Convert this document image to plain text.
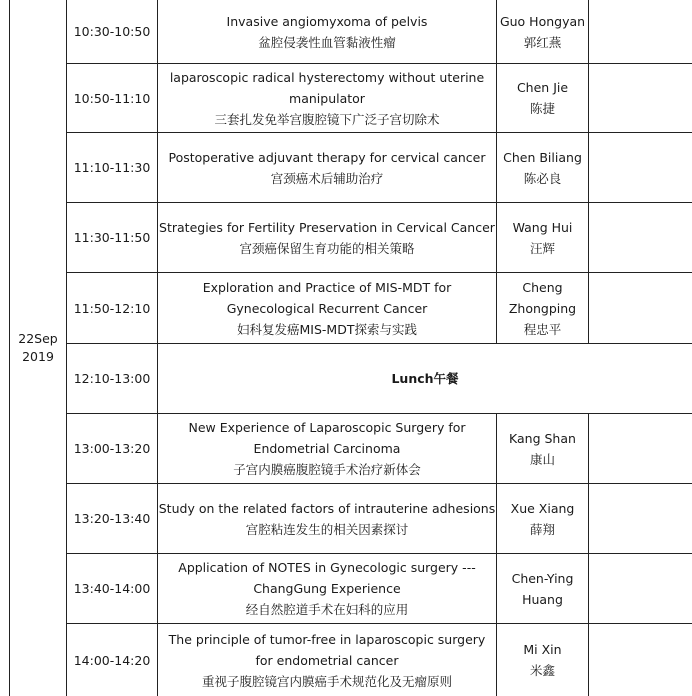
22Sep
2019
10:30-10:50
Invasive angiomyxoma of pelvis
盆腔侵袭性血管黏液性瘤
Guo Hongyan
郭红燕
10:50-11:10
laparoscopic radical hysterectomy without uterine
manipulator
三套扎发免举宫腹腔镜下广泛子宫切除术
Chen Jie
陈捷
11:10-11:30
Postoperative adjuvant therapy for cervical cancer
宫颈癌术后辅助治疗
Chen Biliang
陈必良
11:30-11:50
Strategies for Fertility Preservation in Cervical Cancer
宫颈癌保留生育功能的相关策略
Wang Hui
汪辉
11:50-12:10
Exploration and Practice of MIS-MDT for
Gynecological Recurrent Cancer
妇科复发癌MIS-MDT探索与实践
Cheng
Zhongping
程忠平
12:10-13:00	Lunch午餐
13:00-13:20
New Experience of Laparoscopic Surgery for
Endometrial Carcinoma
子宫内膜癌腹腔镜手术治疗新体会
Kang Shan
康山
13:20-13:40
Study on the related factors of intrauterine adhesions
宫腔粘连发生的相关因素探讨
Xue Xiang
薛翔
13:40-14:00
Application of NOTES in Gynecologic surgery ---
ChangGung Experience
经自然腔道手术在妇科的应用
Chen-Ying
Huang
14:00-14:20
The principle of tumor-free in laparoscopic surgery
for endometrial cancer
重视子腹腔镜宫内膜癌手术规范化及无瘤原则
Mi Xin
米鑫
